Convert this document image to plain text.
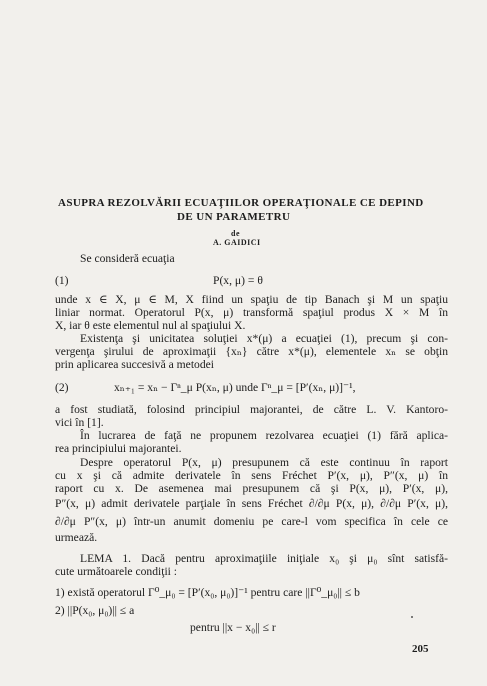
ASUPRA REZOLVĂRII ECUAŢIILOR OPERAŢIONALE CE DEPIND
DE UN PARAMETRU
de
A. GAIDICI
Se consideră ecuaţia
(1)	P(x, μ) = θ
unde x ∈ X, μ ∈ M, X fiind un spaţiu de tip Banach şi M un spaţiu
liniar normat. Operatorul P(x, μ) transformă spaţiul produs X × M în
X, iar θ este elementul nul al spaţiului X.
Existenţa şi unicitatea soluţiei x*(μ) a ecuaţiei (1), precum şi con-
vergenţa şirului de aproximaţii {xₙ} către x*(μ), elementele xₙ se obţin
prin aplicarea succesivă a metodei
(2)	xₙ₊₁ = xₙ − Γⁿ_μ P(xₙ, μ) unde Γⁿ_μ = [P′(xₙ, μ)]⁻¹,
a fost studiată, folosind principiul majorantei, de către L. V. Kantoro-
vici în [1].
În lucrarea de faţă ne propunem rezolvarea ecuaţiei (1) fără aplica-
rea principiului majorantei.
Despre operatorul P(x, μ) presupunem că este continuu în raport
cu x şi că admite derivatele în sens Fréchet P′(x, μ), P″(x, μ) în
raport cu x. De asemenea mai presupunem că şi P(x, μ), P′(x, μ),
P″(x, μ) admit derivatele parţiale în sens Fréchet ∂/∂μ P(x, μ), ∂/∂μ P′(x, μ),
∂/∂μ P″(x, μ) într-un anumit domeniu pe care-l vom specifica în cele ce
urmează.
LEMA 1. Dacă pentru aproximaţiile iniţiale x₀ şi μ₀ sînt satisfă-
cute următoarele condiţii :
1) există operatorul Γ⁰_μ₀ = [P′(x₀, μ₀)]⁻¹ pentru care ||Γ⁰_μ₀|| ≤ b
2) ||P(x₀, μ₀)|| ≤ a
pentru ||x − x₀|| ≤ r
205
